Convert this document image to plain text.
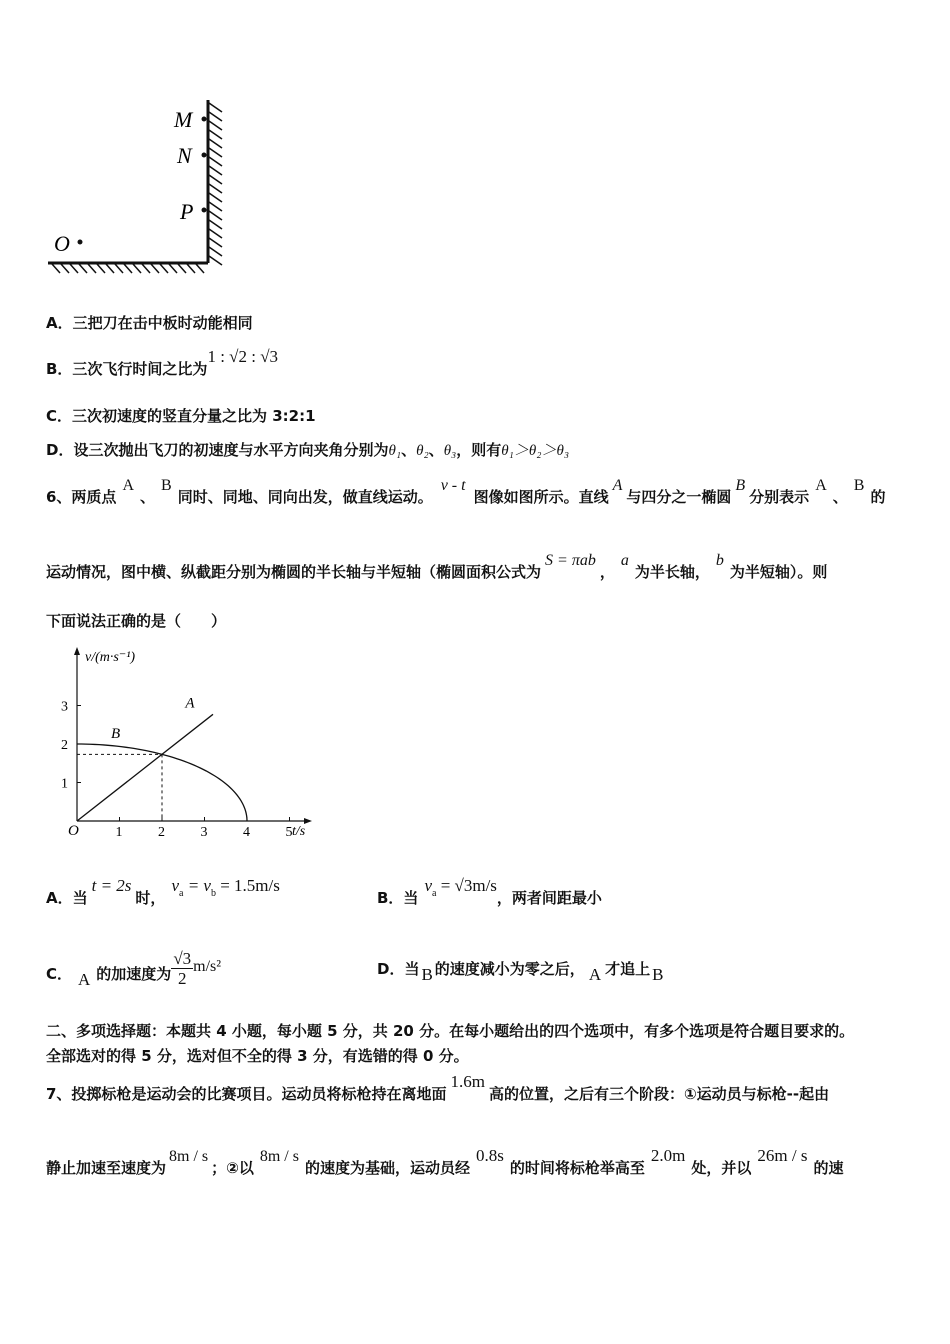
M
N
P
O
A．三把刀在击中板时动能相同
B．三次飞行时间之比为1 : √2 : √3
C．三次初速度的竖直分量之比为 3:2:1
D．设三次抛出飞刀的初速度与水平方向夹角分别为θ₁、θ₂、θ₃，则有θ₁＞θ₂＞θ₃
6、两质点A、B同时、同地、同向出发，做直线运动。v - t图像如图所示。直线A与四分之一椭圆B分别表示A、B的
运动情况，图中横、纵截距分别为椭圆的半长轴与半短轴（椭圆面积公式为S = πab，a为半长轴，b为半短轴）。则
下面说法正确的是（　　）
v/(m·s⁻¹)
t/s
O	1	2	3	4	5
1
2
3	A
B
A．当t = 2s时，$v_a = v_b = 1.5m/s$
B．当$v_a = √3m/s$，两者间距最小
C． A 的加速度为 $\frac{√3}{2} m/s^2$	D．当 B 的速度减小为零之后， A 才追上 B
二、多项选择题：本题共 4 小题，每小题 5 分，共 20 分。在每小题给出的四个选项中，有多个选项是符合题目要求的。
全部选对的得 5 分，选对但不全的得 3 分，有选错的得 0 分。
7、投掷标枪是运动会的比赛项目。运动员将标枪持在离地面1.6m高的位置，之后有三个阶段：①运动员与标枪--起由
静止加速至速度为8m / s；②以8m / s的速度为基础，运动员经0.8s的时间将标枪举高至2.0m处，并以26m / s的速
